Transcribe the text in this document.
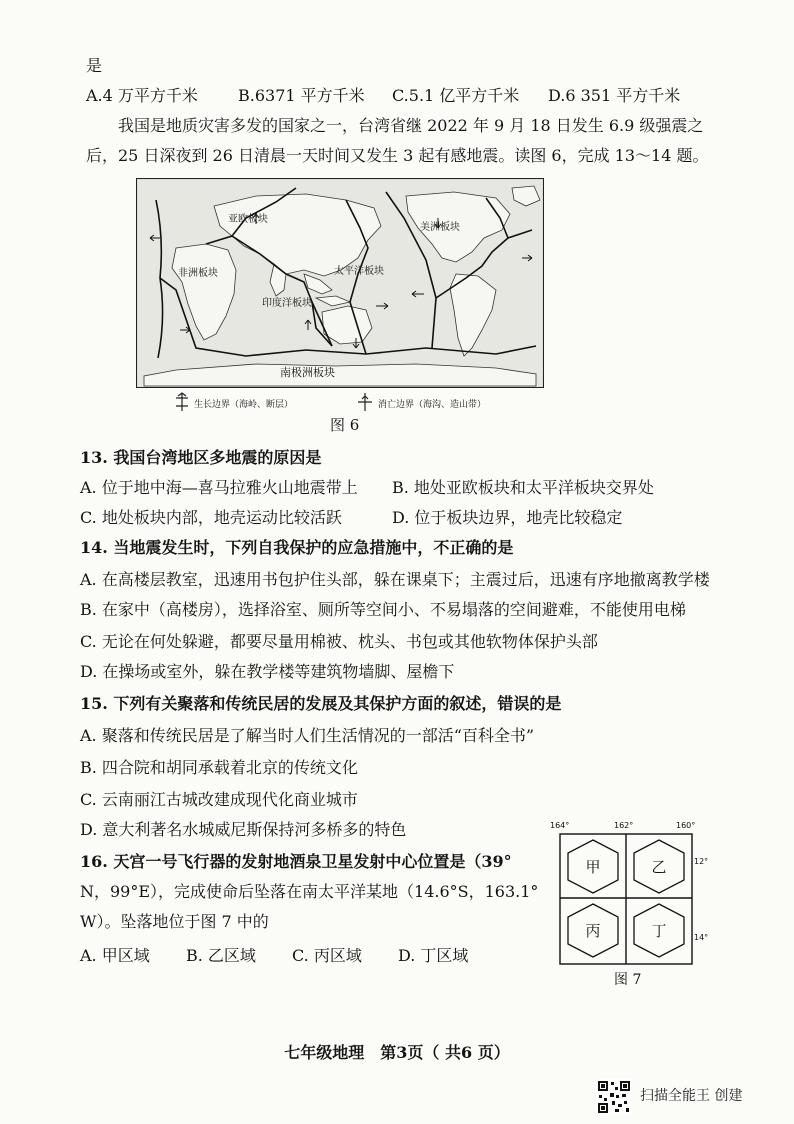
是
A.4 万平方千米	B.6371 平方千米 C.5.1 亿平方千米 D.6 351 平方千米
我国是地质灾害多发的国家之一，台湾省继 2022 年 9 月 18 日发生 6.9 级强震之
后，25 日深夜到 26 日清晨一天时间又发生 3 起有感地震。读图 6，完成 13～14 题。
亚欧板块
美洲板块
非洲板块	太平洋板块
印度洋板块
南极洲板块
生长边界（海岭、断层）	消亡边界（海沟、造山带）
图 6
13. 我国台湾地区多地震的原因是
A. 位于地中海—喜马拉雅火山地震带上 B. 地处亚欧板块和太平洋板块交界处
C. 地处板块内部，地壳运动比较活跃	D. 位于板块边界，地壳比较稳定
14. 当地震发生时，下列自我保护的应急措施中，不正确的是
A. 在高楼层教室，迅速用书包护住头部，躲在课桌下；主震过后，迅速有序地撤离教学楼
B. 在家中（高楼房），选择浴室、厕所等空间小、不易塌落的空间避难，不能使用电梯
C. 无论在何处躲避，都要尽量用棉被、枕头、书包或其他软物体保护头部
D. 在操场或室外，躲在教学楼等建筑物墙脚、屋檐下
15. 下列有关聚落和传统民居的发展及其保护方面的叙述，错误的是
A. 聚落和传统民居是了解当时人们生活情况的一部活“百科全书”
B. 四合院和胡同承载着北京的传统文化
C. 云南丽江古城改建成现代化商业城市
D. 意大利著名水城威尼斯保持河多桥多的特色
16. 天宫一号飞行器的发射地酒泉卫星发射中心位置是（39°
N，99°E），完成使命后坠落在南太平洋某地（14.6°S，163.1°
W）。坠落地位于图 7 中的
A. 甲区域 B. 乙区域 C. 丙区域 D. 丁区域
164°	162°	160°
12°
14°
甲	乙
丙	丁
图 7
七年级地理　第3页（ 共6 页）
扫描全能王 创建
